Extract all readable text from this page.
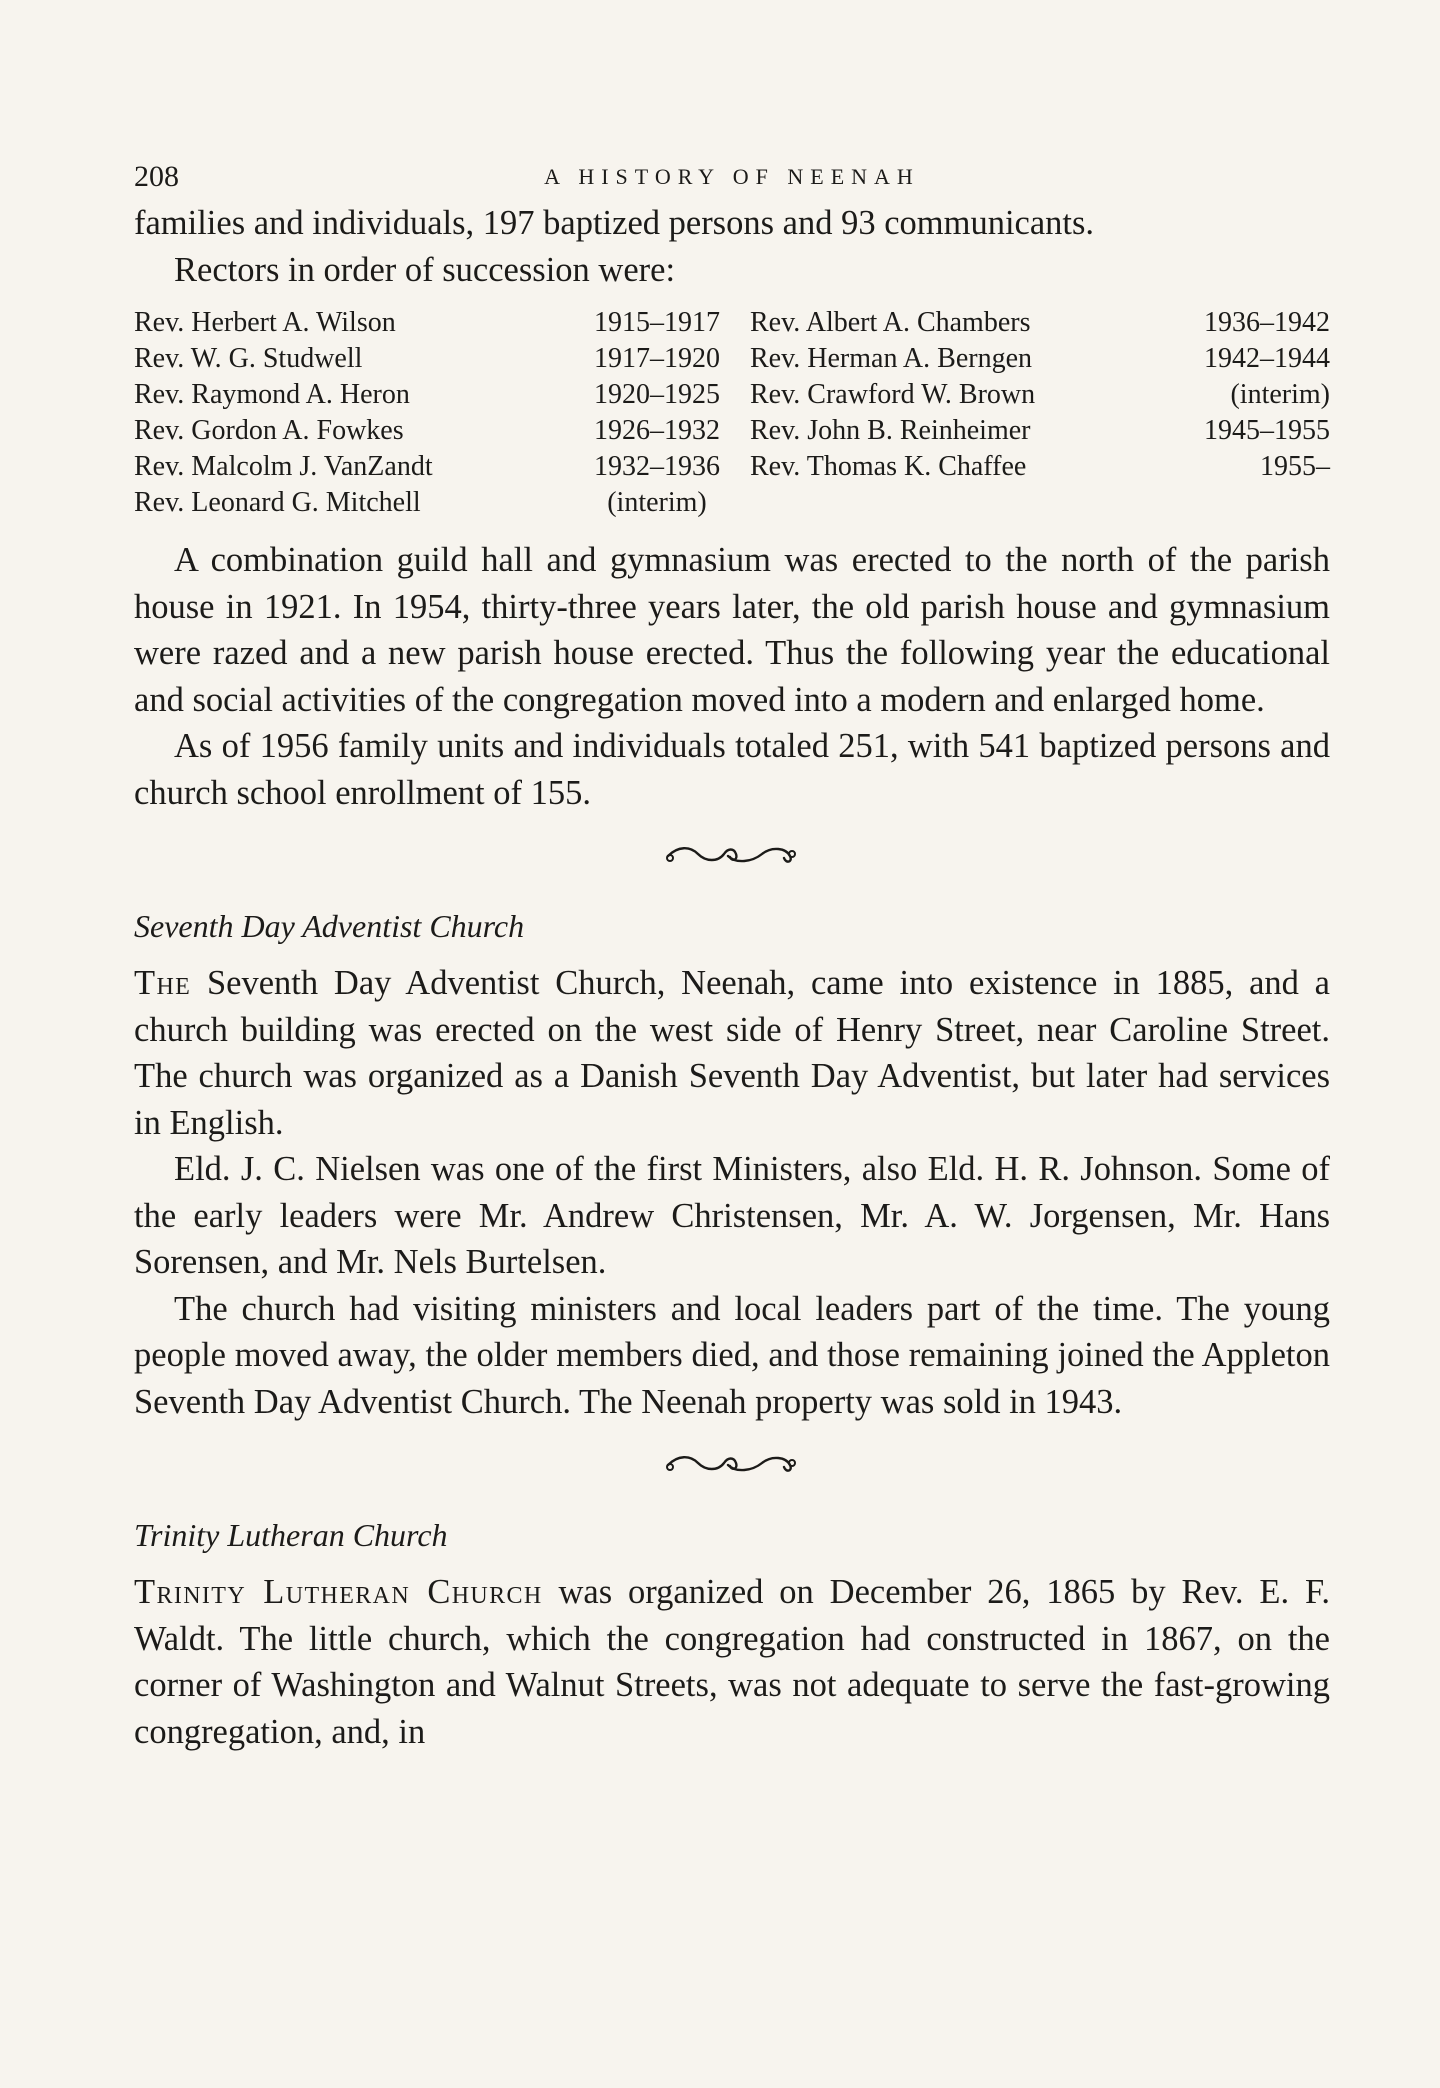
208	A HISTORY OF NEENAH

families and individuals, 197 baptized persons and 93 communicants.

Rectors in order of succession were:

Rev. Herbert A. Wilson	1915–1917	Rev. Albert A. Chambers	1936–1942
Rev. W. G. Studwell	1917–1920	Rev. Herman A. Berngen	1942–1944
Rev. Raymond A. Heron	1920–1925	Rev. Crawford W. Brown	(interim)
Rev. Gordon A. Fowkes	1926–1932	Rev. John B. Reinheimer	1945–1955
Rev. Malcolm J. VanZandt	1932–1936	Rev. Thomas K. Chaffee	1955–
Rev. Leonard G. Mitchell	(interim)

A combination guild hall and gymnasium was erected to the north of the parish house in 1921. In 1954, thirty-three years later, the old parish house and gymnasium were razed and a new parish house erected. Thus the following year the educational and social activities of the congregation moved into a modern and enlarged home.

As of 1956 family units and individuals totaled 251, with 541 baptized persons and church school enrollment of 155.

Seventh Day Adventist Church

The Seventh Day Adventist Church, Neenah, came into existence in 1885, and a church building was erected on the west side of Henry Street, near Caroline Street. The church was organized as a Danish Seventh Day Adventist, but later had services in English.

Eld. J. C. Nielsen was one of the first Ministers, also Eld. H. R. Johnson. Some of the early leaders were Mr. Andrew Christensen, Mr. A. W. Jorgensen, Mr. Hans Sorensen, and Mr. Nels Burtelsen.

The church had visiting ministers and local leaders part of the time. The young people moved away, the older members died, and those remaining joined the Appleton Seventh Day Adventist Church. The Neenah property was sold in 1943.

Trinity Lutheran Church

Trinity Lutheran Church was organized on December 26, 1865 by Rev. E. F. Waldt. The little church, which the congregation had constructed in 1867, on the corner of Washington and Walnut Streets, was not adequate to serve the fast-growing congregation, and, in
